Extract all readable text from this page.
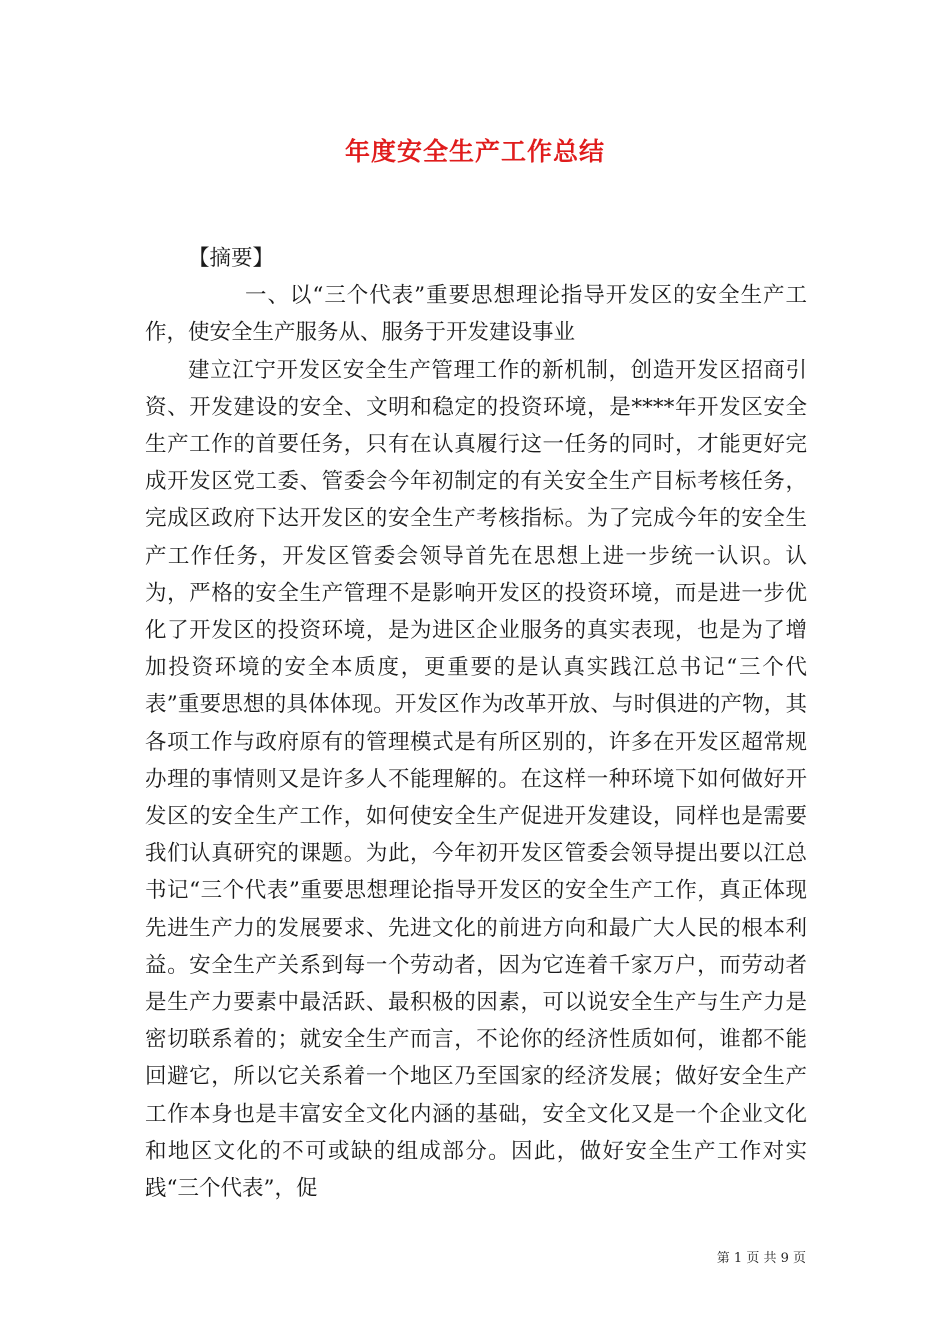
年度安全生产工作总结
【摘要】
一、以“三个代表”重要思想理论指导开发区的安全生产工作，使安全生产服务从、服务于开发建设事业
建立江宁开发区安全生产管理工作的新机制，创造开发区招商引资、开发建设的安全、文明和稳定的投资环境，是****年开发区安全生产工作的首要任务，只有在认真履行这一任务的同时，才能更好完成开发区党工委、管委会今年初制定的有关安全生产目标考核任务，完成区政府下达开发区的安全生产考核指标。为了完成今年的安全生产工作任务，开发区管委会领导首先在思想上进一步统一认识。认为，严格的安全生产管理不是影响开发区的投资环境，而是进一步优化了开发区的投资环境，是为进区企业服务的真实表现，也是为了增加投资环境的安全本质度，更重要的是认真实践江总书记“三个代表”重要思想的具体体现。开发区作为改革开放、与时俱进的产物，其各项工作与政府原有的管理模式是有所区别的，许多在开发区超常规办理的事情则又是许多人不能理解的。在这样一种环境下如何做好开发区的安全生产工作，如何使安全生产促进开发建设，同样也是需要我们认真研究的课题。为此，今年初开发区管委会领导提出要以江总书记“三个代表”重要思想理论指导开发区的安全生产工作，真正体现先进生产力的发展要求、先进文化的前进方向和最广大人民的根本利益。安全生产关系到每一个劳动者，因为它连着千家万户，而劳动者是生产力要素中最活跃、最积极的因素，可以说安全生产与生产力是密切联系着的；就安全生产而言，不论你的经济性质如何，谁都不能回避它，所以它关系着一个地区乃至国家的经济发展；做好安全生产工作本身也是丰富安全文化内涵的基础，安全文化又是一个企业文化和地区文化的不可或缺的组成部分。因此，做好安全生产工作对实践“三个代表”，促
第 1 页 共 9 页
